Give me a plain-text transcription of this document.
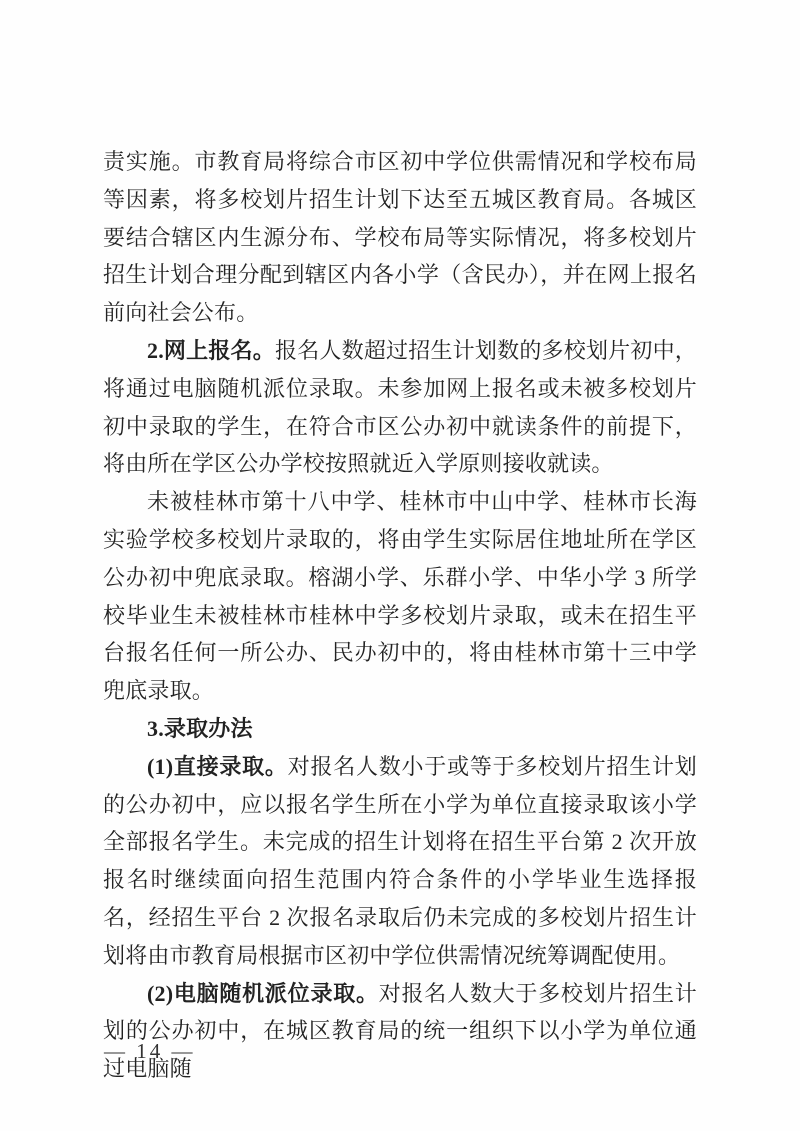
责实施。市教育局将综合市区初中学位供需情况和学校布局等因素，将多校划片招生计划下达至五城区教育局。各城区要结合辖区内生源分布、学校布局等实际情况，将多校划片招生计划合理分配到辖区内各小学（含民办），并在网上报名前向社会公布。

2.网上报名。报名人数超过招生计划数的多校划片初中，将通过电脑随机派位录取。未参加网上报名或未被多校划片初中录取的学生，在符合市区公办初中就读条件的前提下，将由所在学区公办学校按照就近入学原则接收就读。

未被桂林市第十八中学、桂林市中山中学、桂林市长海实验学校多校划片录取的，将由学生实际居住地址所在学区公办初中兜底录取。榕湖小学、乐群小学、中华小学 3 所学校毕业生未被桂林市桂林中学多校划片录取，或未在招生平台报名任何一所公办、民办初中的，将由桂林市第十三中学兜底录取。

3.录取办法

(1)直接录取。对报名人数小于或等于多校划片招生计划的公办初中，应以报名学生所在小学为单位直接录取该小学全部报名学生。未完成的招生计划将在招生平台第 2 次开放报名时继续面向招生范围内符合条件的小学毕业生选择报名，经招生平台 2 次报名录取后仍未完成的多校划片招生计划将由市教育局根据市区初中学位供需情况统筹调配使用。

(2)电脑随机派位录取。对报名人数大于多校划片招生计划的公办初中，在城区教育局的统一组织下以小学为单位通过电脑随

— 14 —
